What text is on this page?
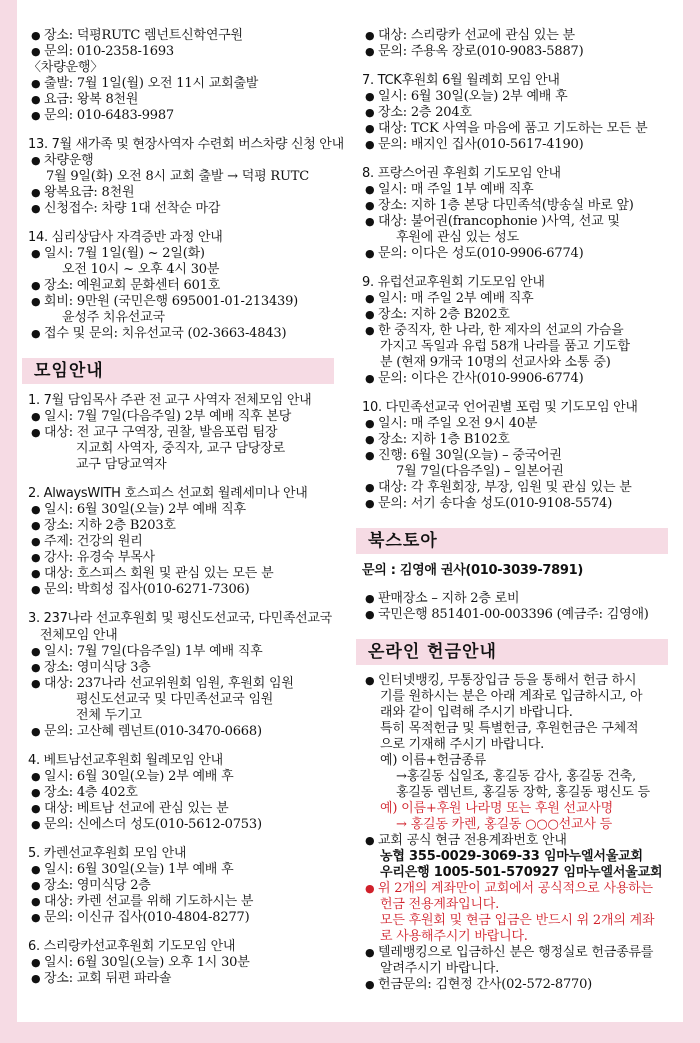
● 장소: 덕평RUTC 렘넌트신학연구원
● 문의: 010-2358-1693
〈차량운행〉
● 출발: 7월 1일(월) 오전 11시 교회출발
● 요금: 왕복 8천원
● 문의: 010-6483-9987
13. 7월 새가족 및 현장사역자 수련회 버스차량 신청 안내
● 차량운행
7월 9일(화) 오전 8시 교회 출발 → 덕평 RUTC
● 왕복요금: 8천원
● 신청접수: 차량 1대 선착순 마감
14. 심리상담사 자격증반 과정 안내
● 일시: 7월 1일(월) ~ 2일(화)
오전 10시 ~ 오후 4시 30분
● 장소: 예원교회 문화센터 601호
● 회비: 9만원 (국민은행 695001-01-213439)
윤성주 치유선교국
● 접수 및 문의: 치유선교국 (02-3663-4843)
모임안내
1. 7월 담임목사 주관 전 교구 사역자 전체모임 안내
● 일시: 7월 7일(다음주일) 2부 예배 직후 본당
● 대상: 전 교구 구역장, 권찰, 발음포럼 팀장
지교회 사역자, 중직자, 교구 담당장로
교구 담당교역자
2. AlwaysWITH 호스피스 선교회 월례세미나 안내
● 일시: 6월 30일(오늘) 2부 예배 직후
● 장소: 지하 2층 B203호
● 주제: 건강의 원리
● 강사: 유경숙 부목사
● 대상: 호스피스 회원 및 관심 있는 모든 분
● 문의: 박희성 집사(010-6271-7306)
3. 237나라 선교후원회 및 평신도선교국, 다민족선교국
전체모임 안내
● 일시: 7월 7일(다음주일) 1부 예배 직후
● 장소: 영미식당 3층
● 대상: 237나라 선교위원회 임원, 후원회 임원
평신도선교국 및 다민족선교국 임원
전체 두기고
● 문의: 고산혜 렘넌트(010-3470-0668)
4. 베트남선교후원회 월례모임 안내
● 일시: 6월 30일(오늘) 2부 예배 후
● 장소: 4층 402호
● 대상: 베트남 선교에 관심 있는 분
● 문의: 신에스더 성도(010-5612-0753)
5. 카렌선교후원회 모임 안내
● 일시: 6월 30일(오늘) 1부 예배 후
● 장소: 영미식당 2층
● 대상: 카렌 선교를 위해 기도하시는 분
● 문의: 이신규 집사(010-4804-8277)
6. 스리랑카선교후원회 기도모임 안내
● 일시: 6월 30일(오늘) 오후 1시 30분
● 장소: 교회 뒤편 파라솔
● 대상: 스리랑카 선교에 관심 있는 분
● 문의: 주용옥 장로(010-9083-5887)
7. TCK후원회 6월 월례회 모임 안내
● 일시: 6월 30일(오늘) 2부 예배 후
● 장소: 2층 204호
● 대상: TCK 사역을 마음에 품고 기도하는 모든 분
● 문의: 배지인 집사(010-5617-4190)
8. 프랑스어권 후원회 기도모임 안내
● 일시: 매 주일 1부 예배 직후
● 장소: 지하 1층 본당 다민족석(방송실 바로 앞)
● 대상: 불어권(francophonie )사역, 선교 및
후원에 관심 있는 성도
● 문의: 이다은 성도(010-9906-6774)
9. 유럽선교후원회 기도모임 안내
● 일시: 매 주일 2부 예배 직후
● 장소: 지하 2층 B202호
● 한 중직자, 한 나라, 한 제자의 선교의 가슴을
가지고 독일과 유럽 58개 나라를 품고 기도합
분 (현재 9개국 10명의 선교사와 소통 중)
● 문의: 이다은 간사(010-9906-6774)
10. 다민족선교국 언어권별 포럼 및 기도모임 안내
● 일시: 매 주일 오전 9시 40분
● 장소: 지하 1층 B102호
● 진행: 6월 30일(오늘) – 중국어권
7월 7일(다음주일) – 일본어권
● 대상: 각 후원회장, 부장, 임원 및 관심 있는 분
● 문의: 서기 송다솔 성도(010-9108-5574)
북스토아
문의 : 김영애 권사(010-3039-7891)
● 판매장소 – 지하 2층 로비
● 국민은행 851401-00-003396 (예금주: 김영애)
온라인 헌금안내
● 인터넷뱅킹, 무통장입금 등을 통해서 헌금 하시
기를 원하시는 분은 아래 계좌로 입금하시고, 아
래와 같이 입력해 주시기 바랍니다.
특히 목적헌금 및 특별헌금, 후원헌금은 구체적
으로 기재해 주시기 바랍니다.
예) 이름+헌금종류
→홍길동 십일조, 홍길동 감사, 홍길동 건축,
홍길동 렘넌트, 홍길동 장학, 홍길동 평신도 등
예) 이름+후원 나라명 또는 후원 선교사명
→ 홍길동 카렌, 홍길동 ○○○선교사 등
● 교회 공식 현금 전용계좌번호 안내
농협 355-0029-3069-33 임마누엘서울교회
우리은행 1005-501-570927 임마누엘서울교회
● 위 2개의 계좌만이 교회에서 공식적으로 사용하는
헌금 전용계좌입니다.
모든 후원회 및 현금 입금은 반드시 위 2개의 계좌
로 사용해주시기 바랍니다.
● 텔레뱅킹으로 입금하신 분은 행정실로 헌금종류를
알려주시기 바랍니다.
● 헌금문의: 김현정 간사(02-572-8770)
